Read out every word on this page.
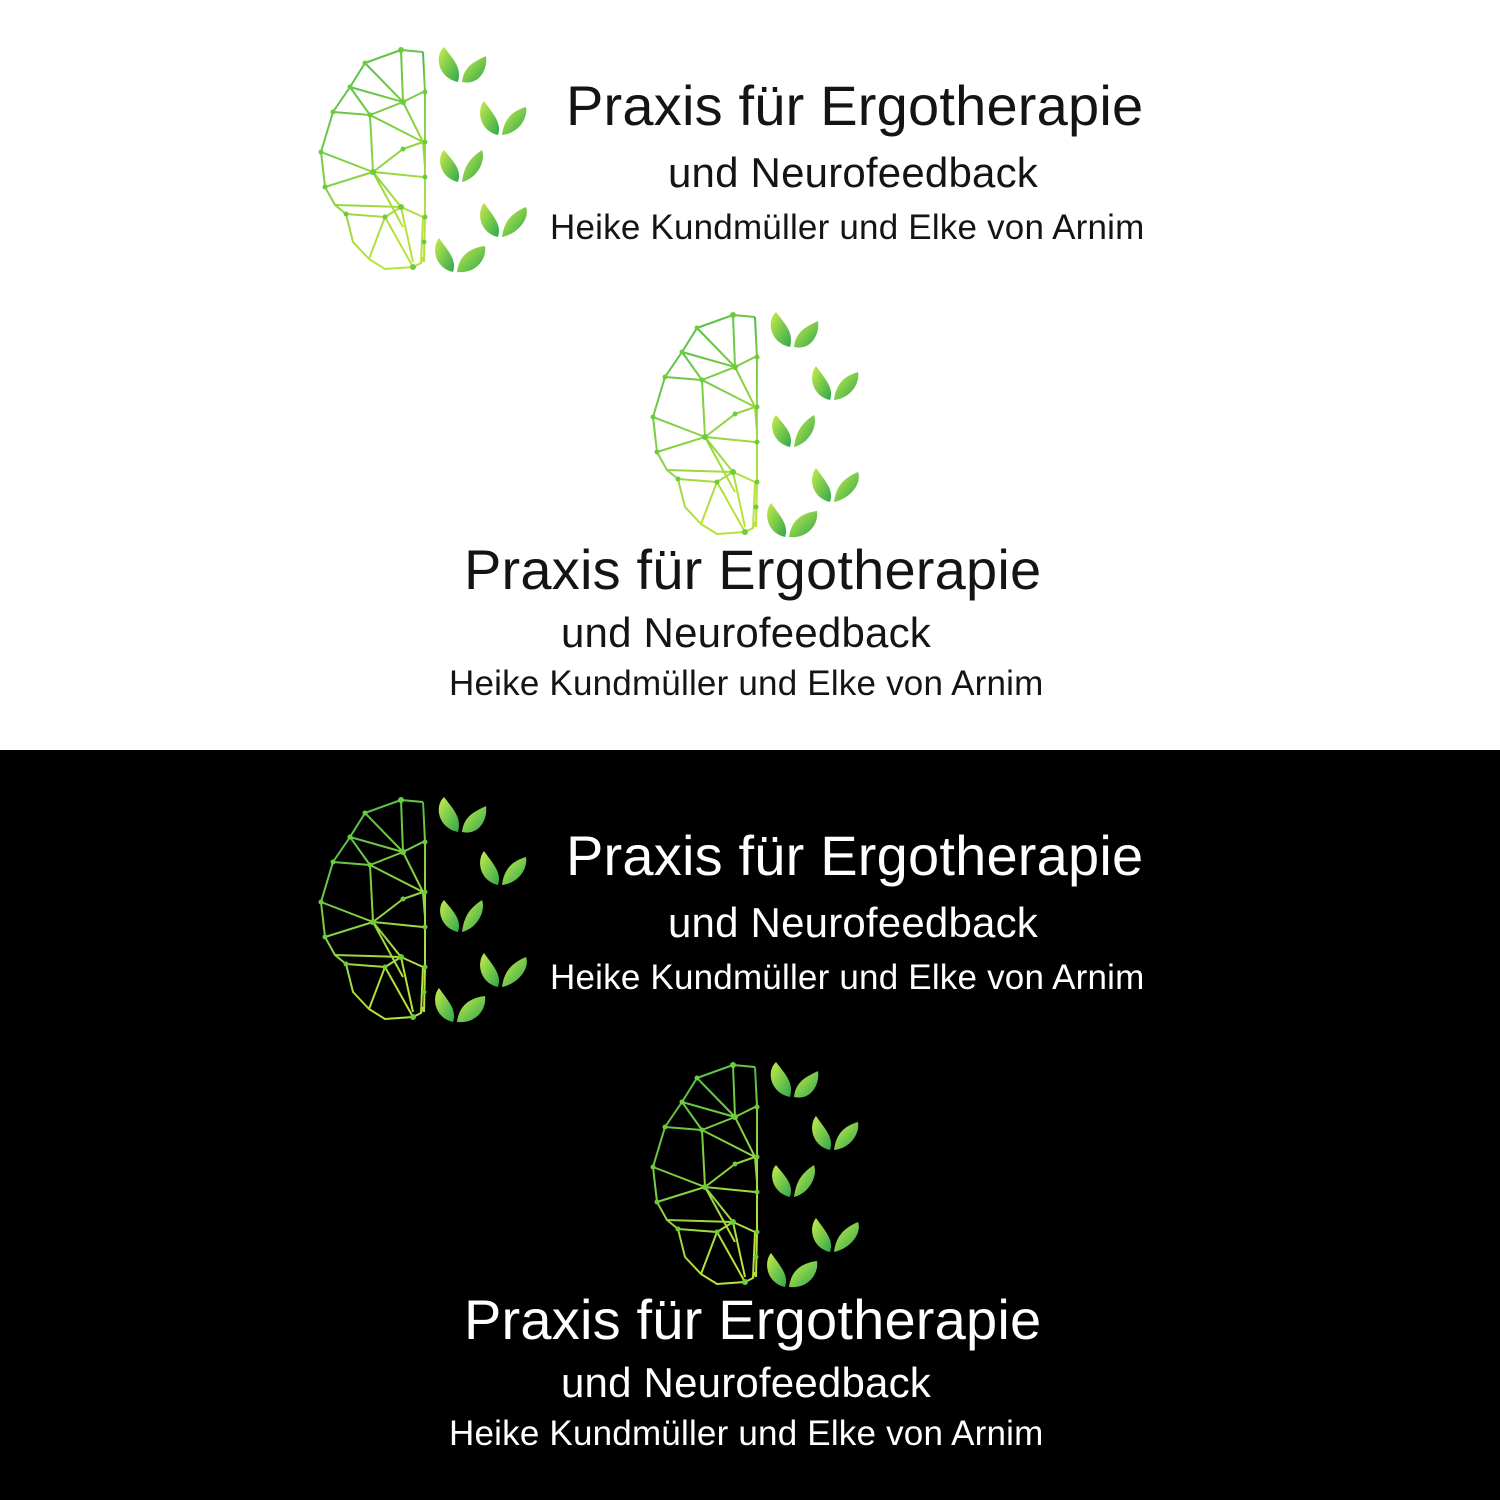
Praxis für Ergotherapie
und Neurofeedback
Heike Kundmüller und Elke von Arnim
Praxis für Ergotherapie
und Neurofeedback
Heike Kundmüller und Elke von Arnim
Praxis für Ergotherapie
und Neurofeedback
Heike Kundmüller und Elke von Arnim
Praxis für Ergotherapie
und Neurofeedback
Heike Kundmüller und Elke von Arnim
